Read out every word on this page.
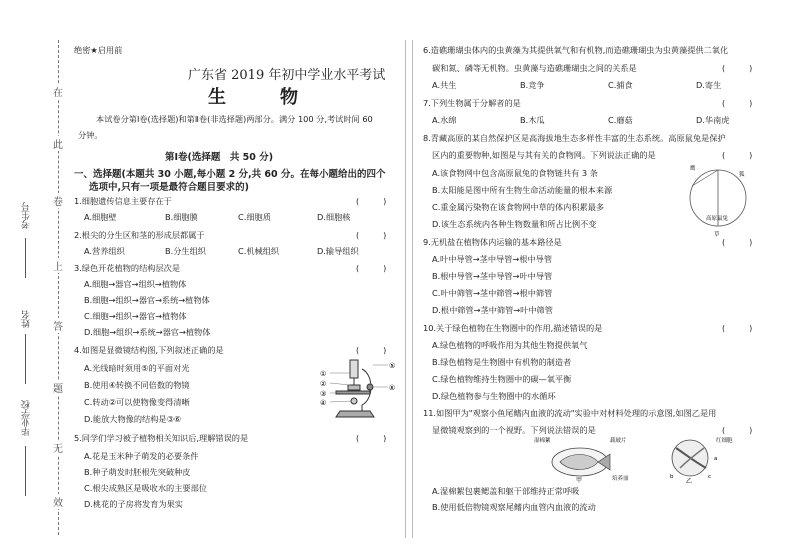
在
此
卷
上
答
题
无
效
考生号
姓名
毕业学校
绝密★启用前
广东省 2019 年初中学业水平考试
生　物
本试卷分第Ⅰ卷(选择题)和第Ⅱ卷(非选择题)两部分。满分 100 分,考试时间 60
分钟。
第Ⅰ卷(选择题　共 50 分)
一、选择题(本题共 30 小题,每小题 2 分,共 60 分。在每小题给出的四个
选项中,只有一项是最符合题目要求的)
1.细胞遗传信息主要存在于	(　　　)
A.细胞壁	B.细胞膜	C.细胞质	D.细胞核
2.根尖的分生区和茎的形成层都属于	(　　　)
A.营养组织	B.分生组织	C.机械组织	D.输导组织
3.绿色开花植物的结构层次是	(　　　)
A.细胞→器官→组织→植物体
B.细胞→组织→器官→系统→植物体
C.细胞→组织→器官→植物体
D.细胞→组织→系统→器官→植物体
4.如图是显微镜结构图,下列叙述正确的是	(　　　)
A.光线暗时须用⑤的平面对光
B.使用④转换不同倍数的物镜
C.转动②可以使物像变得清晰
D.能放大物像的结构是③⑥
①
②
③
④
⑤
⑥
5.同学们学习被子植物相关知识后,理解错误的是	(　　　)
A.花是玉米种子萌发的必要条件
B.种子萌发时胚根先突破种皮
C.根尖成熟区是吸收水的主要部位
D.桃花的子房将发育为果实
6.造礁珊瑚虫体内的虫黄藻为其提供氧气和有机物,而造礁珊瑚虫为虫黄藻提供二氧化
碳和氮、磷等无机物。虫黄藻与造礁珊瑚虫之间的关系是	(　　　)
A.共生	B.竞争	C.捕食	D.寄生
7.下列生物属于分解者的是	(　　　)
A.水绵	B.木瓜	C.蘑菇	D.华南虎
8.青藏高原的某自然保护区是高海拔地生态多样性丰富的生态系统。高原鼠兔是保护
区内的重要物种,如图是与其有关的食物网。下列说法正确的是	(　　　)
A.该食物网中包含高原鼠兔的食物链共有 3 条
B.太阳能是图中所有生物生命活动能量的根本来源
C.重金属污染物在该食物网中草的体内积累最多
D.该生态系统内各种生物数量和所占比例不变
鹰
狐
高原鼠兔
草
9.无机盐在植物体内运输的基本路径是	(　　　)
A.叶中导管→茎中导管→根中导管
B.根中导管→茎中导管→叶中导管
C.叶中筛管→茎中筛管→根中筛管
D.根中筛管→茎中筛管→叶中筛管
10.关于绿色植物在生物圈中的作用,描述错误的是	(　　　)
A.绿色植物的呼吸作用为其他生物提供氧气
B.绿色植物是生物圈中有机物的制造者
C.绿色植物维持生物圈中的碳—氧平衡
D.绿色植物参与生物圈中的水循环
11.如图甲为"观察小鱼尾鳍内血液的流动"实验中对材料处理的示意图,如图乙是用
显微镜观察到的一个视野。下列说法错误的是	(　　　)
湿棉絮	载玻片
培养皿
甲
红细胞
a
b	c
乙
A.湿棉絮包裹鳃盖和躯干部维持正常呼吸
B.使用低倍物镜观察尾鳍内血管内血液的流动
